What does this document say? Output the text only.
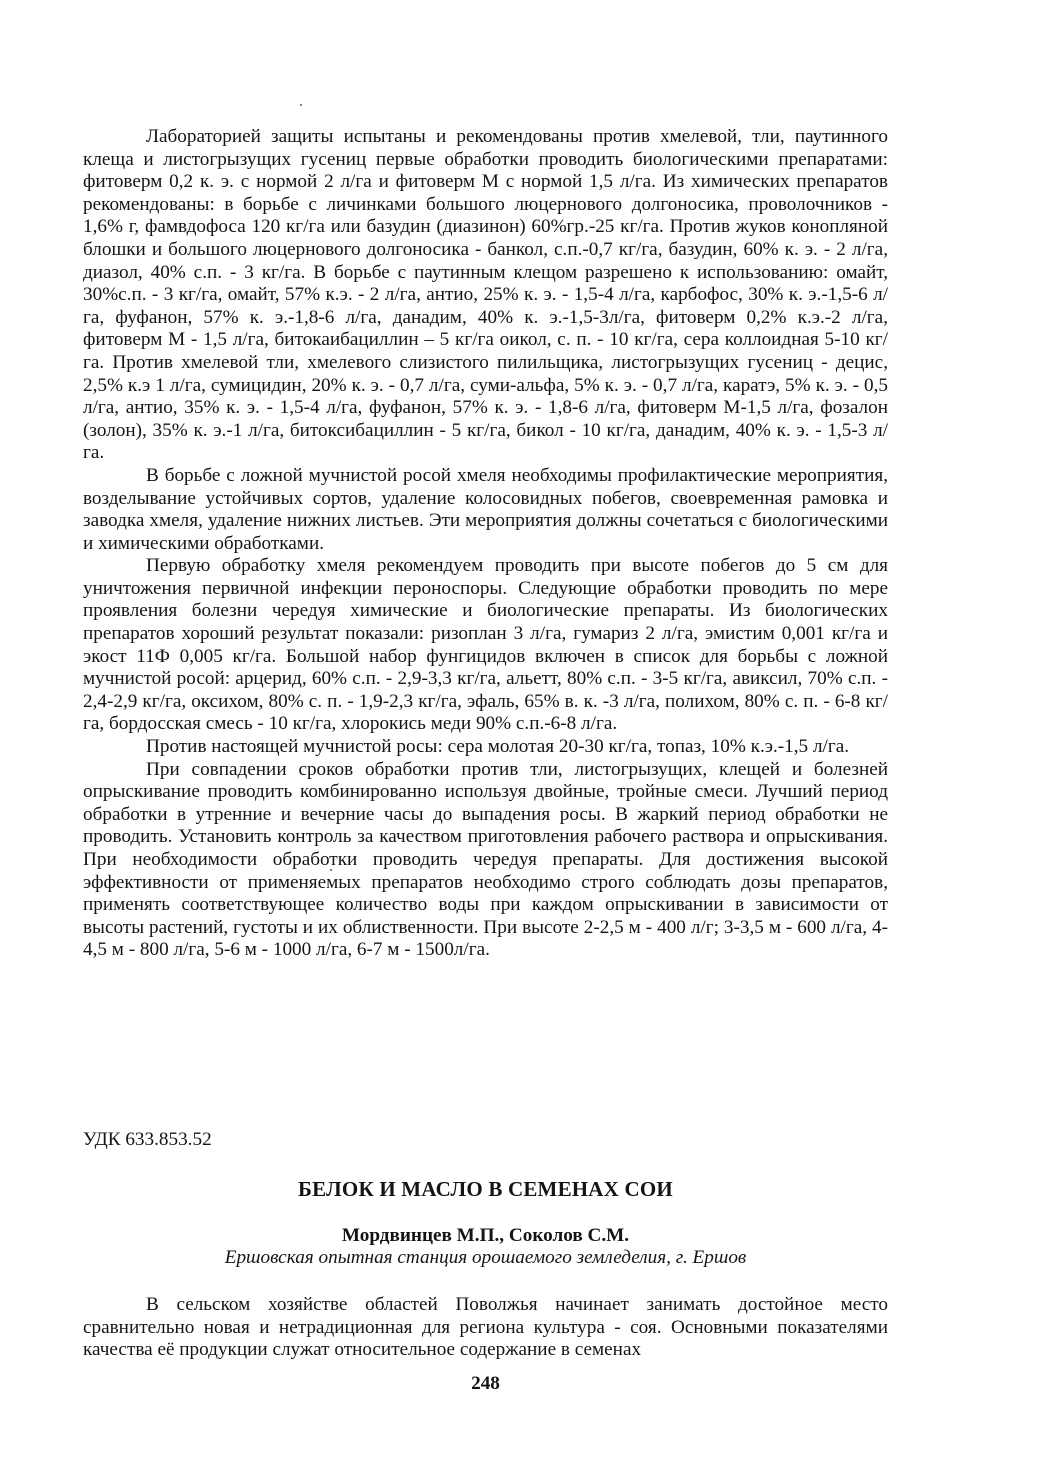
Лабораторией защиты испытаны и рекомендованы против хмелевой, тли, паутинного клеща и листогрызущих гусениц первые обработки проводить биологическими препаратами: фитоверм 0,2 к. э. с нормой 2 л/га и фитоверм М с нормой 1,5 л/га. Из химических препаратов рекомендованы: в борьбе с личинками большого люцернового долгоносика, проволочников - 1,6% г, фамвдофоса 120 кг/га или базудин (диазинон) 60%гр.-25 кг/га. Против жуков конопляной блошки и большого люцернового долгоносика - банкол, с.п.-0,7 кг/га, базудин, 60% к. э. - 2 л/га, диазол, 40% с.п. - 3 кг/га. В борьбе с паутинным клещом разрешено к использованию: омайт, 30%с.п. - 3 кг/га, омайт, 57% к.э. - 2 л/га, антио, 25% к. э. - 1,5-4 л/га, карбофос, 30% к. э.-1,5-6 л/га, фуфанон, 57% к. э.-1,8-6 л/га, данадим, 40% к. э.-1,5-3л/га, фитоверм 0,2% к.э.-2 л/га, фитоверм М - 1,5 л/га, битокаибациллин – 5 кг/га оикол, с. п. - 10 кг/га, сера коллоидная 5-10 кг/га. Против хмелевой тли, хмелевого слизистого пилильщика, листогрызущих гусениц - децис, 2,5% к.э 1 л/га, сумицидин, 20% к. э. - 0,7 л/га, суми-альфа, 5% к. э. - 0,7 л/га, каратэ, 5% к. э. - 0,5 л/га, антио, 35% к. э. - 1,5-4 л/га, фуфанон, 57% к. э. - 1,8-6 л/га, фитоверм М-1,5 л/га, фозалон (золон), 35% к. э.-1 л/га, битоксибациллин - 5 кг/га, бикол - 10 кг/га, данадим, 40% к. э. - 1,5-3 л/га.

В борьбе с ложной мучнистой росой хмеля необходимы профилактические мероприятия, возделывание устойчивых сортов, удаление колосовидных побегов, своевременная рамовка и заводка хмеля, удаление нижних листьев. Эти мероприятия должны сочетаться с биологическими и химическими обработками.

Первую обработку хмеля рекомендуем проводить при высоте побегов до 5 см для уничтожения первичной инфекции пероноспоры. Следующие обработки проводить по мере проявления болезни чередуя химические и биологические препараты. Из биологических препаратов хороший результат показали: ризоплан 3 л/га, гумариз 2 л/га, эмистим 0,001 кг/га и экост 11Ф 0,005 кг/га. Большой набор фунгицидов включен в список для борьбы с ложной мучнистой росой: арцерид, 60% с.п. - 2,9-3,3 кг/га, альетт, 80% с.п. - 3-5 кг/га, авиксил, 70% с.п. - 2,4-2,9 кг/га, оксихом, 80% с. п. - 1,9-2,3 кг/га, эфаль, 65% в. к. -3 л/га, полихом, 80% с. п. - 6-8 кг/га, бордосская смесь - 10 кг/га, хлорокись меди 90% с.п.-6-8 л/га.

Против настоящей мучнистой росы: сера молотая 20-30 кг/га, топаз, 10% к.э.-1,5 л/га.

При совпадении сроков обработки против тли, листогрызущих, клещей и болезней опрыскивание проводить комбинированно используя двойные, тройные смеси. Лучший период обработки в утренние и вечерние часы до выпадения росы. В жаркий период обработки не проводить. Установить контроль за качеством приготовления рабочего раствора и опрыскивания. При необходимости обработки проводить чередуя препараты. Для достижения высокой эффективности от применяемых препаратов необходимо строго соблюдать дозы препаратов, применять соответствующее количество воды при каждом опрыскивании в зависимости от высоты растений, густоты и их облиственности. При высоте 2-2,5 м - 400 л/г; 3-3,5 м - 600 л/га, 4-4,5 м - 800 л/га, 5-6 м - 1000 л/га, 6-7 м - 1500л/га.

УДК 633.853.52
БЕЛОК И МАСЛО В СЕМЕНАХ СОИ
Мордвинцев М.П., Соколов С.М.
Ершовская опытная станция орошаемого земледелия, г. Ершов

В сельском хозяйстве областей Поволжья начинает занимать достойное место сравнительно новая и нетрадиционная для региона культура - соя. Основными показателями качества её продукции служат относительное содержание в семенах

248
